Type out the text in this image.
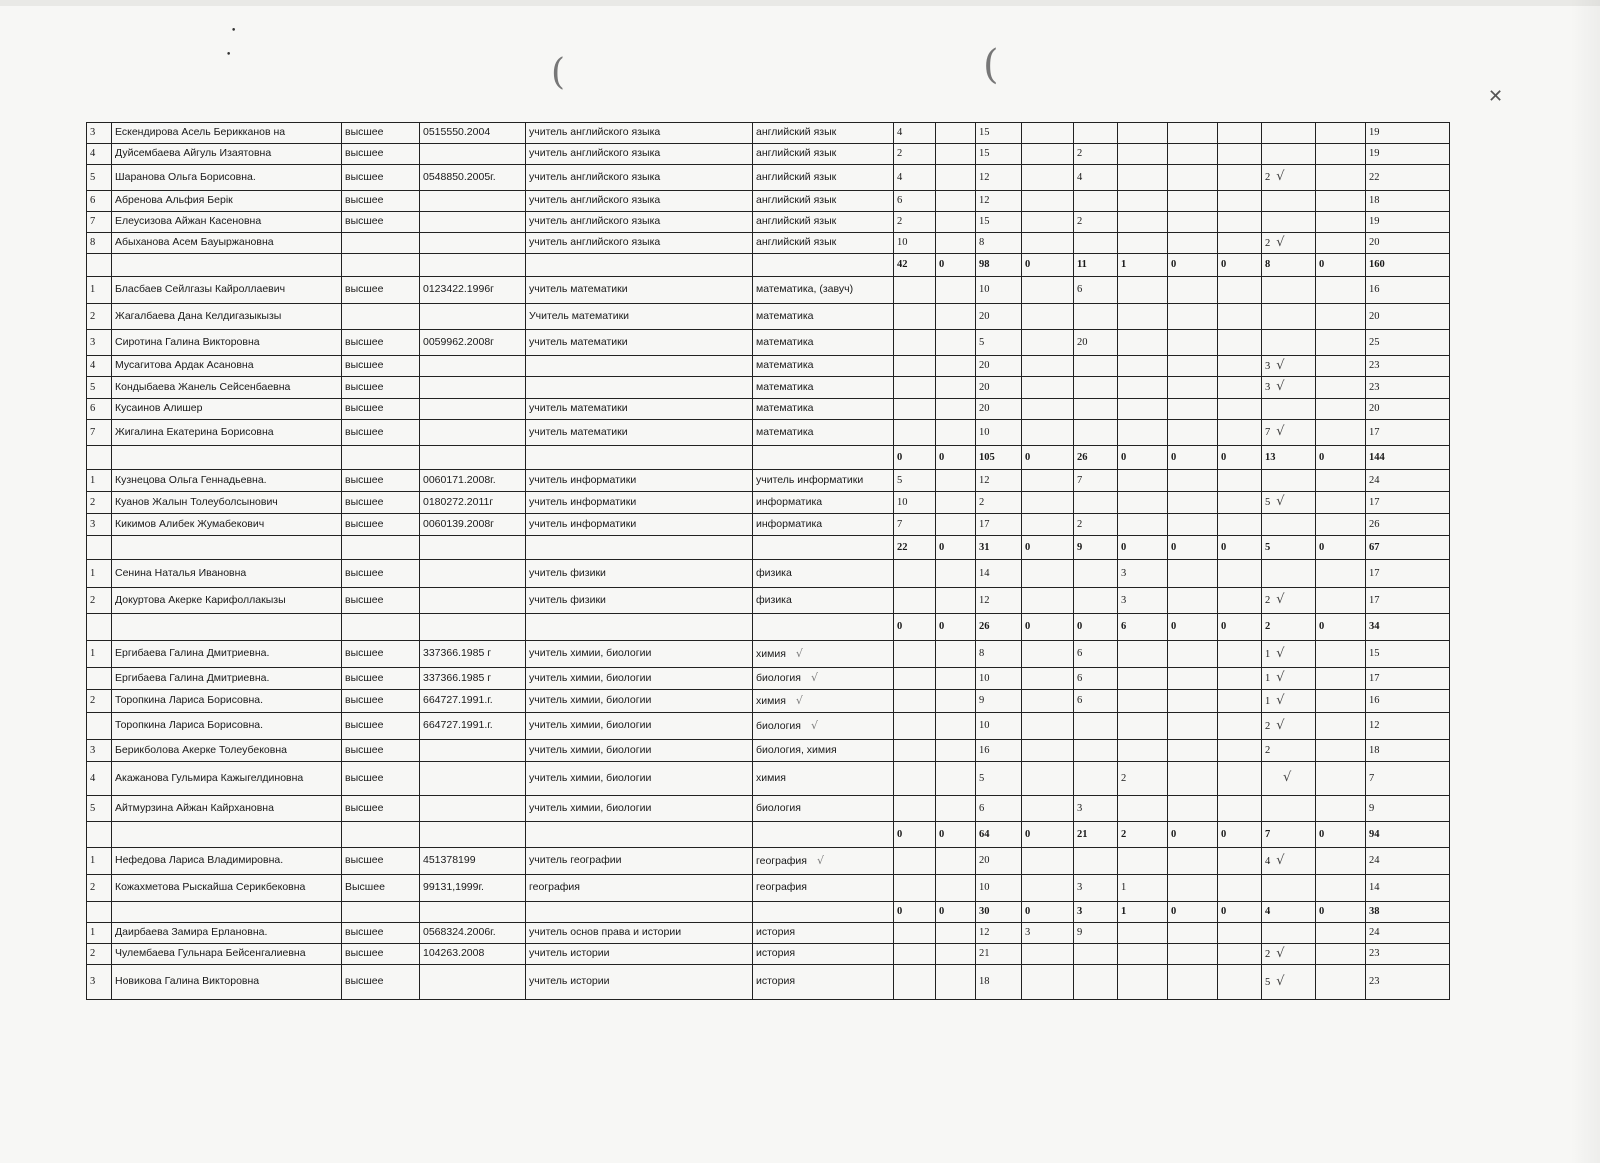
•
•	(	(
✕
3	Ескендирова Асель Берикканов на	высшее	0515550.2004	учитель английского языка	английский язык	4		15								19
4	Дуйсембаева Айгуль Изаятовна	высшее		учитель английского языка	английский язык	2		15		2						19
5	Шаранова Ольга Борисовна.	высшее	0548850.2005г.	учитель английского языка	английский язык	4		12		4				2 √		22
6	Абренова Альфия Берік	высшее		учитель английского языка	английский язык	6		12								18
7	Елеусизова Айжан Касеновна	высшее		учитель английского языка	английский язык	2		15		2						19
8	Абыханова Асем Бауыржановна			учитель английского языка	английский язык	10		8						2 √		20
						42	0	98	0	11	1	0	0	8	0	160
1	Бласбаев Сейлгазы Кайроллаевич	высшее	0123422.1996г	учитель математики	математика, (завуч)			10		6						16
2	Жагалбаева Дана Келдигазыкызы			Учитель математики	математика			20								20
3	Сиротина Галина Викторовна	высшее	0059962.2008г	учитель математики	математика			5		20						25
4	Мусагитова Ардак Асановна	высшее			математика			20						3 √		23
5	Кондыбаева Жанель Сейсенбаевна	высшее			математика			20						3 √		23
6	Кусаинов Алишер	высшее		учитель математики	математика			20								20
7	Жигалина Екатерина Борисовна	высшее		учитель математики	математика			10						7 √		17
						0	0	105	0	26	0	0	0	13	0	144
1	Кузнецова Ольга Геннадьевна.	высшее	0060171.2008г.	учитель информатики	учитель информатики	5		12		7						24
2	Куанов Жалын Толеуболсынович	высшее	0180272.2011г	учитель информатики	информатика	10		2						5 √		17
3	Кикимов Алибек Жумабекович	высшее	0060139.2008г	учитель информатики	информатика	7		17		2						26
						22	0	31	0	9	0	0	0	5	0	67
1	Сенина Наталья Ивановна	высшее		учитель физики	физика			14			3					17
2	Докуртова Акерке Карифоллакызы	высшее		учитель физики	физика			12			3			2 √		17
						0	0	26	0	0	6	0	0	2	0	34
1	Ергибаева Галина Дмитриевна.	высшее	337366.1985 г	учитель химии, биологии	химия √			8		6				1 √		15
	Ергибаева Галина Дмитриевна.	высшее	337366.1985 г	учитель химии, биологии	биология √			10		6				1 √		17
2	Торопкина Лариса Борисовна.	высшее	664727.1991.г.	учитель химии, биологии	химия √			9		6				1 √		16
	Торопкина Лариса Борисовна.	высшее	664727.1991.г.	учитель химии, биологии	биология √			10						2 √		12
3	Берикболова Акерке Толеубековна	высшее		учитель химии, биологии	биология, химия			16						2		18
4	Акажанова Гульмира Кажыгелдиновна	высшее		учитель химии, биологии	химия			5			2			√		7
5	Айтмурзина Айжан Кайрхановна	высшее		учитель химии, биологии	биология			6		3						9
						0	0	64	0	21	2	0	0	7	0	94
1	Нефедова Лариса Владимировна.	высшее	451378199	учитель географии	география √			20						4 √		24
2	Кожахметова Рыскайша Серикбековна	Высшее	99131,1999г.	география	география			10		3	1					14
						0	0	30	0	3	1	0	0	4	0	38
1	Даирбаева Замира Ерлановна.	высшее	0568324.2006г.	учитель основ права и истории	история			12	3	9						24
2	Чулембаева Гульнара Бейсенгалиевна	высшее	104263.2008	учитель истории	история			21						2 √		23
3	Новикова Галина Викторовна	высшее		учитель истории	история			18						5 √		23
